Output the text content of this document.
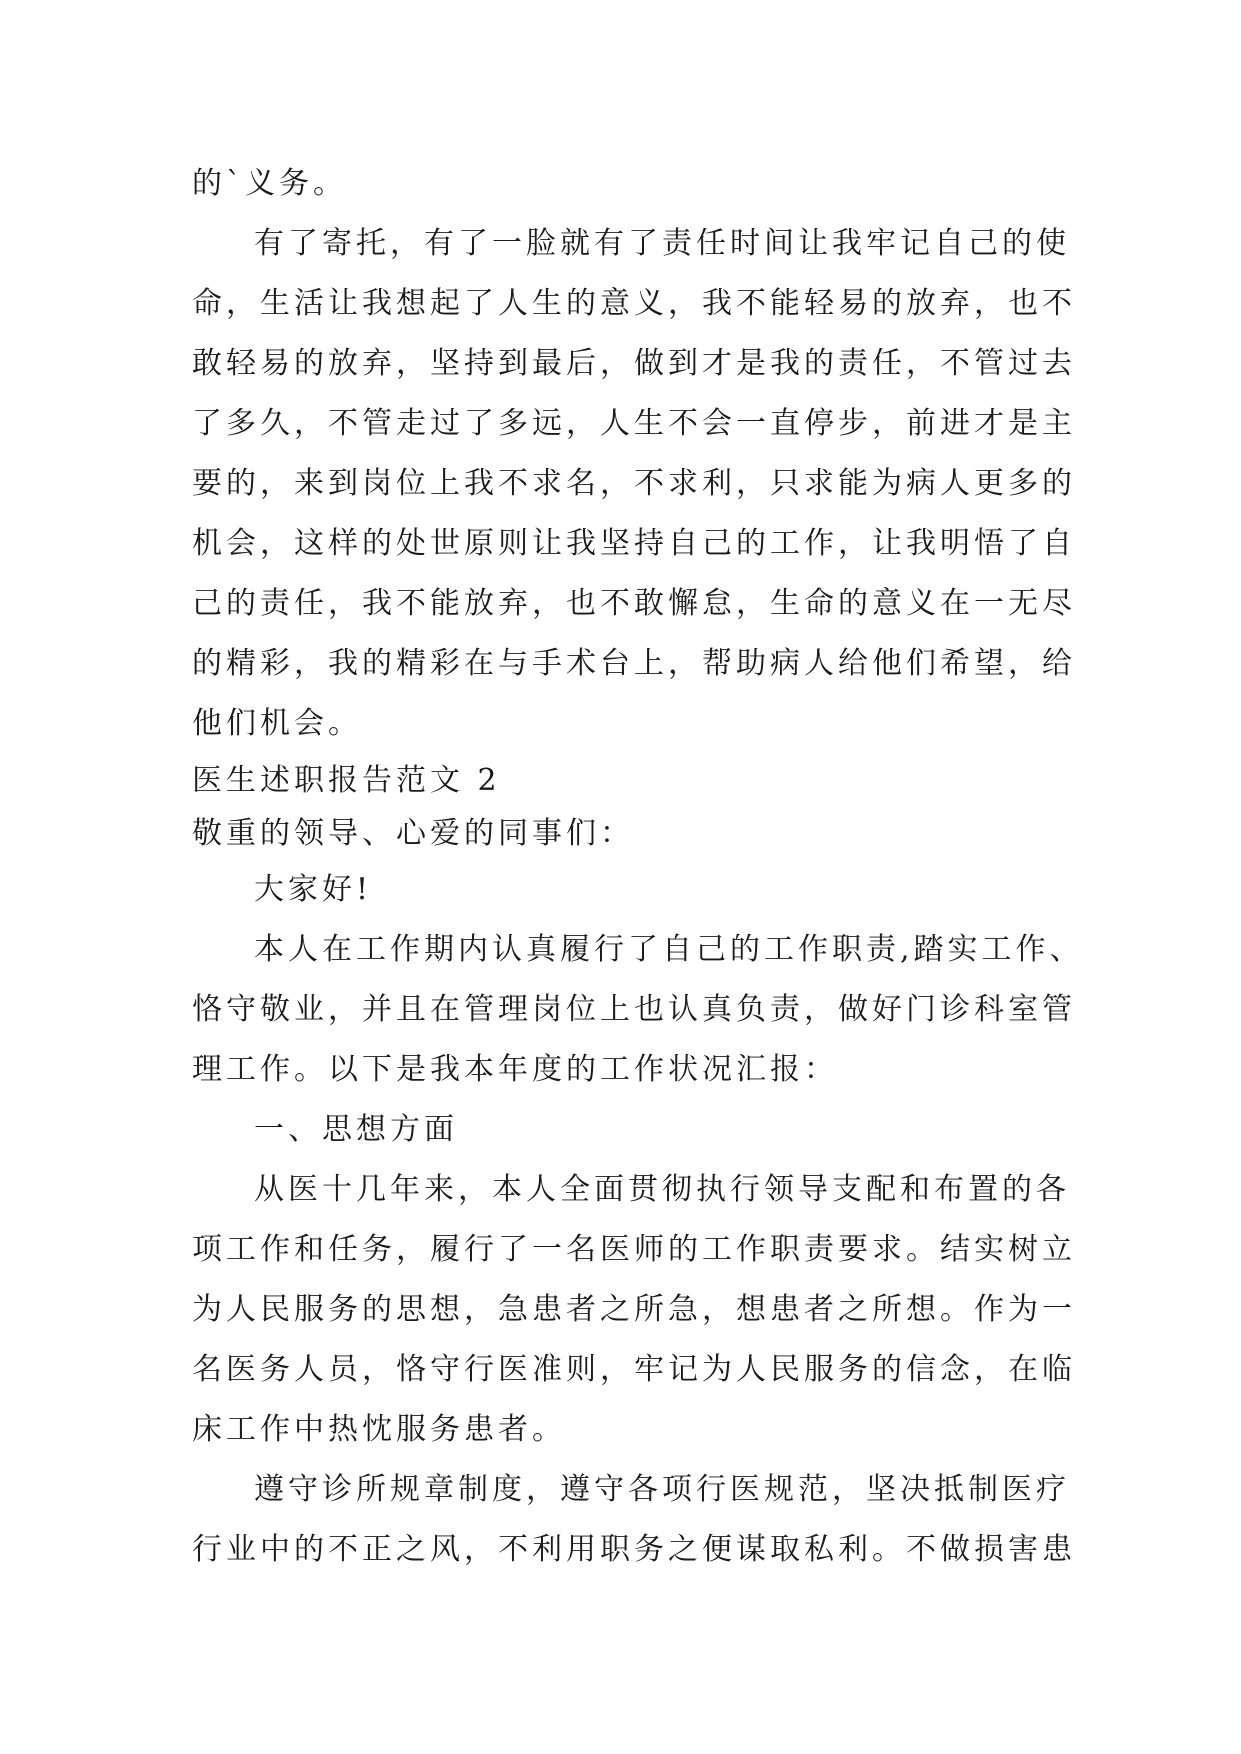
的`义务。
有了寄托，有了一脸就有了责任时间让我牢记自己的使
命，生活让我想起了人生的意义，我不能轻易的放弃，也不
敢轻易的放弃，坚持到最后，做到才是我的责任，不管过去
了多久，不管走过了多远，人生不会一直停步，前进才是主
要的，来到岗位上我不求名，不求利，只求能为病人更多的
机会，这样的处世原则让我坚持自己的工作，让我明悟了自
己的责任，我不能放弃，也不敢懈怠，生命的意义在一无尽
的精彩，我的精彩在与手术台上，帮助病人给他们希望，给
他们机会。
医生述职报告范文 2
敬重的领导、心爱的同事们：
大家好!
本人在工作期内认真履行了自己的工作职责,踏实工作、
恪守敬业，并且在管理岗位上也认真负责，做好门诊科室管
理工作。以下是我本年度的工作状况汇报：
一、思想方面
从医十几年来，本人全面贯彻执行领导支配和布置的各
项工作和任务，履行了一名医师的工作职责要求。结实树立
为人民服务的思想，急患者之所急，想患者之所想。作为一
名医务人员，恪守行医准则，牢记为人民服务的信念，在临
床工作中热忱服务患者。
遵守诊所规章制度，遵守各项行医规范，坚决抵制医疗
行业中的不正之风，不利用职务之便谋取私利。不做损害患
